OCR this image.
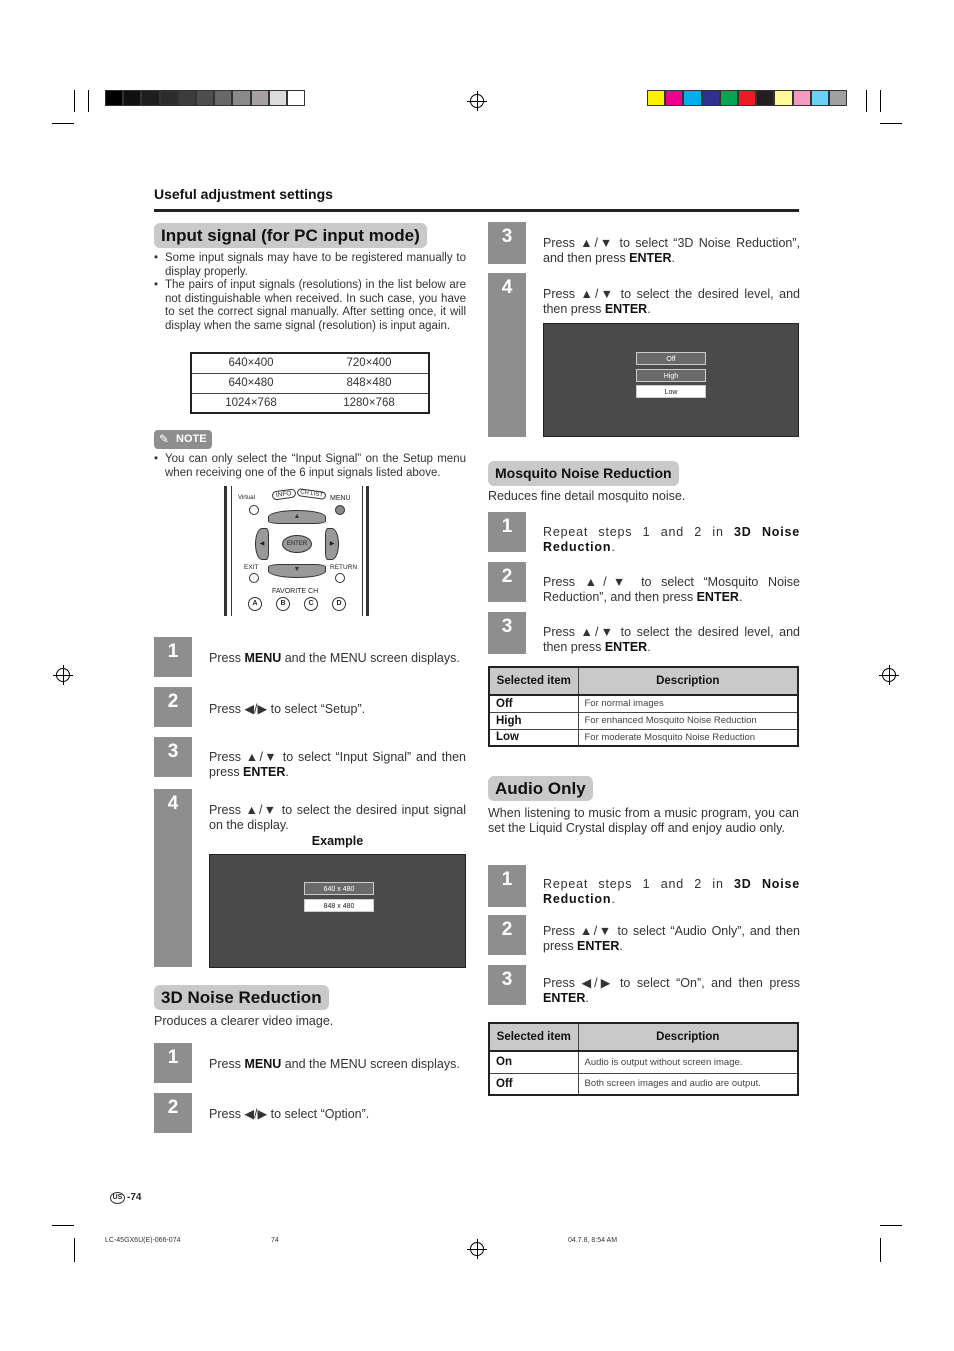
Useful adjustment settings
Input signal (for PC input mode)
• Some input signals may have to be registered manually to display properly.
• The pairs of input signals (resolutions) in the list below are not distinguishable when received. In such case, you have to set the correct signal manually. After setting once, it will display when the same signal (resolution) is input again.
640×400	720×400
640×480	848×480
1024×768	1280×768
✎ NOTE
• You can only select the “Input Signal” on the Setup menu when receiving one of the 6 input signals listed above.
Virtual	INFO	CH LIST MENU
▲
◀	▶
ENTER
▼
EXIT	RETURN
FAVORITE CH
A	B	C	D
1	Press MENU and the MENU screen displays.
2	Press ◀/▶ to select “Setup”.
3	Press ▲/▼ to select “Input Signal” and then press ENTER.
4	Press ▲/▼ to select the desired input signal on the display.
Example
640 x 480
848 x 480
3D Noise Reduction
Produces a clearer video image.
1	Press MENU and the MENU screen displays.
2	Press ◀/▶ to select “Option”.
3	Press ▲/▼ to select “3D Noise Reduction”, and then press ENTER.
4	Press ▲/▼ to select the desired level, and then press ENTER.
Off
High
Low
Mosquito Noise Reduction
Reduces fine detail mosquito noise.
1	Repeat steps 1 and 2 in 3D Noise Reduction.
2	Press ▲/▼ to select “Mosquito Noise Reduction”, and then press ENTER.
3	Press ▲/▼ to select the desired level, and then press ENTER.
Selected item	Description
Off	For normal images
High	For enhanced Mosquito Noise Reduction
Low	For moderate Mosquito Noise Reduction
Audio Only
When listening to music from a music program, you can set the Liquid Crystal display off and enjoy audio only.
1	Repeat steps 1 and 2 in 3D Noise Reduction.
2	Press ▲/▼ to select “Audio Only”, and then press ENTER.
3	Press ◀/▶ to select “On”, and then press ENTER.
Selected item	Description
On	Audio is output without screen image.
Off	Both screen images and audio are output.
US -74
LC-45GX6U(E)-066-074	74	04.7.8, 8:54 AM
